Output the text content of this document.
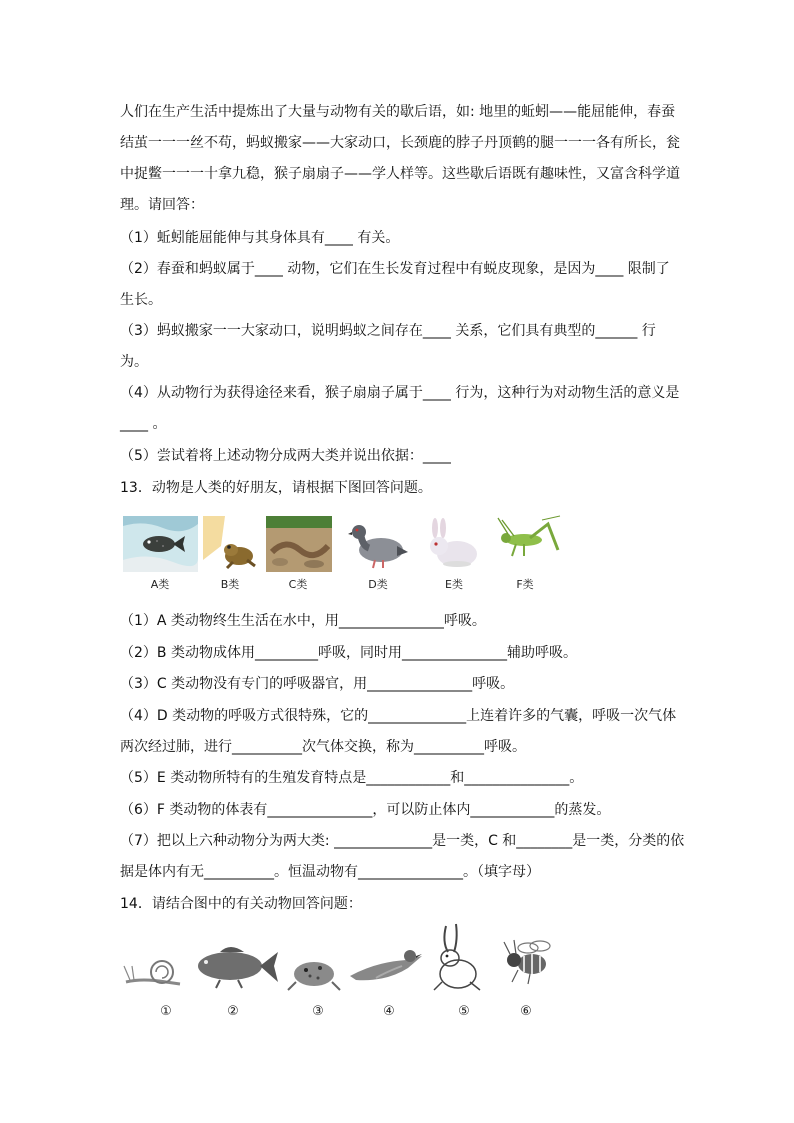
人们在生产生活中提炼出了大量与动物有关的歇后语，如: 地里的蚯蚓——能屈能伸，春蚕
结茧一一一丝不苟，蚂蚁搬家——大家动口，长颈鹿的脖子丹顶鹤的腿一一一各有所长，瓮
中捉鳖一一一十拿九稳，猴子扇扇子——学人样等。这些歇后语既有趣味性，又富含科学道
理。请回答：
（1）蚯蚓能屈能伸与其身体具有____ 有关。
（2）春蚕和蚂蚁属于____ 动物，它们在生长发育过程中有蜕皮现象，是因为____ 限制了
生长。
（3）蚂蚁搬家一一大家动口，说明蚂蚁之间存在____ 关系，它们具有典型的______ 行
为。
（4）从动物行为获得途径来看，猴子扇扇子属于____ 行为，这种行为对动物生活的意义是
____ 。
（5）尝试着将上述动物分成两大类并说出依据：____
13．动物是人类的好朋友，请根据下图回答问题。
A类	B类	C类	D类	E类	F类
（1）A 类动物终生生活在水中，用_______________呼吸。
（2）B 类动物成体用_________呼吸，同时用_______________辅助呼吸。
（3）C 类动物没有专门的呼吸器官，用_______________呼吸。
（4）D 类动物的呼吸方式很特殊，它的______________上连着许多的气囊，呼吸一次气体
两次经过肺，进行__________次气体交换，称为__________呼吸。
（5）E 类动物所特有的生殖发育特点是____________和_______________。
（6）F 类动物的体表有_______________，可以防止体内____________的蒸发。
（7）把以上六种动物分为两大类: ______________是一类，C 和________是一类，分类的依
据是体内有无__________。恒温动物有_______________。（填字母）
14．请结合图中的有关动物回答问题：
①	②	③	④	⑤	⑥
